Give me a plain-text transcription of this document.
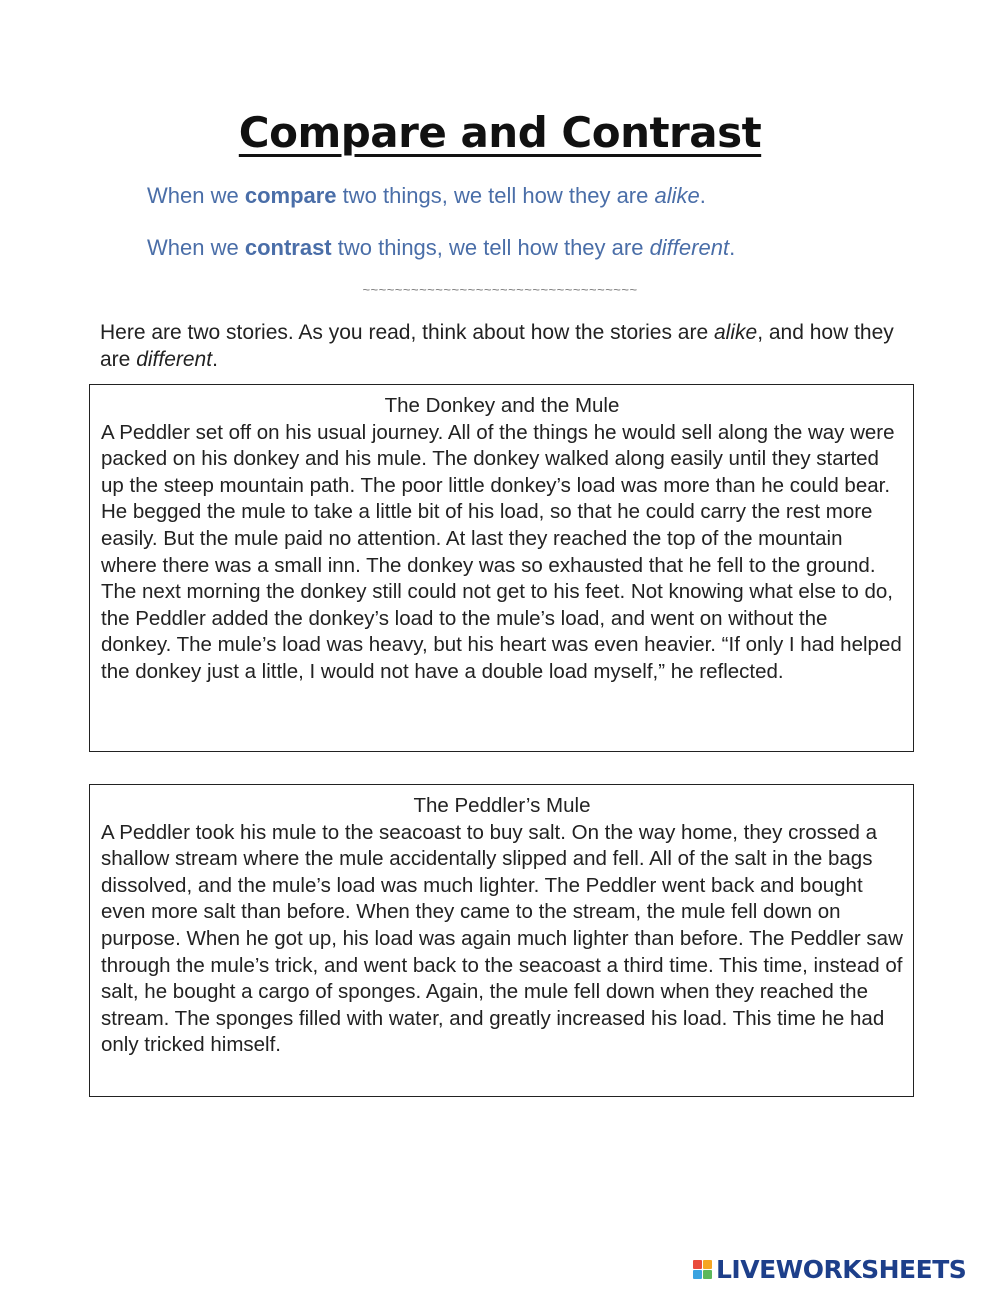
Compare and Contrast
When we compare two things, we tell how they are alike.
When we contrast two things, we tell how they are different.
~~~~~~~~~~~~~~~~~~~~~~~~~~~~~~~~~~
Here are two stories. As you read, think about how the stories are alike, and how they are different.
The Donkey and the Mule
A Peddler set off on his usual journey. All of the things he would sell along the way were packed on his donkey and his mule. The donkey walked along easily until they started up the steep mountain path. The poor little donkey’s load was more than he could bear. He begged the mule to take a little bit of his load, so that he could carry the rest more easily. But the mule paid no attention. At last they reached the top of the mountain where there was a small inn. The donkey was so exhausted that he fell to the ground. The next morning the donkey still could not get to his feet. Not knowing what else to do, the Peddler added the donkey’s load to the mule’s load, and went on without the donkey. The mule’s load was heavy, but his heart was even heavier. “If only I had helped the donkey just a little, I would not have a double load myself,” he reflected.
The Peddler’s Mule
A Peddler took his mule to the seacoast to buy salt. On the way home, they crossed a shallow stream where the mule accidentally slipped and fell. All of the salt in the bags dissolved, and the mule’s load was much lighter. The Peddler went back and bought even more salt than before. When they came to the stream, the mule fell down on purpose. When he got up, his load was again much lighter than before. The Peddler saw through the mule’s trick, and went back to the seacoast a third time. This time, instead of salt, he bought a cargo of sponges. Again, the mule fell down when they reached the stream. The sponges filled with water, and greatly increased his load. This time he had only tricked himself.
LIVEWORKSHEETS
